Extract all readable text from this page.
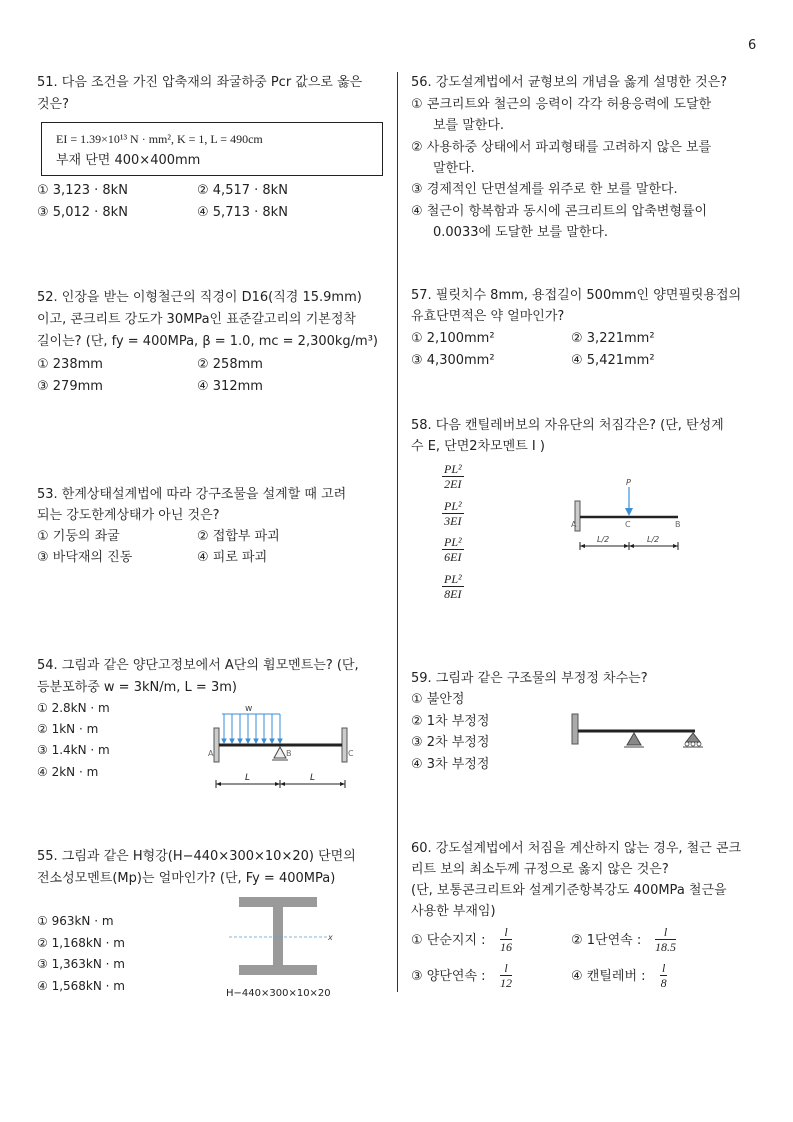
6
51. 다음 조건을 가진 압축재의 좌굴하중 Pcr 값으로 옳은
것은?
EI = 1.39×10¹³ N · mm², K = 1, L = 490cm
부재 단면 400×400mm
① 3,123 · 8kN	② 4,517 · 8kN
③ 5,012 · 8kN	④ 5,713 · 8kN
52. 인장을 받는 이형철근의 직경이 D16(직경 15.9mm)
이고, 콘크리트 강도가 30MPa인 표준갈고리의 기본정착
길이는? (단, fy = 400MPa, β = 1.0, mc = 2,300kg/m³)
① 238mm	② 258mm
③ 279mm	④ 312mm
53. 한계상태설계법에 따라 강구조물을 설계할 때 고려
되는 강도한계상태가 아닌 것은?
① 기둥의 좌굴	② 접합부 파괴
③ 바닥재의 진동	④ 피로 파괴
54. 그림과 같은 양단고정보에서 A단의 휨모멘트는? (단,
등분포하중 w = 3kN/m, L = 3m)
① 2.8kN · m
② 1kN · m
③ 1.4kN · m
④ 2kN · m
w
A	B	C
L	L
55. 그림과 같은 H형강(H−440×300×10×20) 단면의
전소성모멘트(Mp)는 얼마인가? (단, Fy = 400MPa)
① 963kN · m
② 1,168kN · m
③ 1,363kN · m
④ 1,568kN · m
x
H−440×300×10×20
56. 강도설계법에서 균형보의 개념을 옳게 설명한 것은?
① 콘크리트와 철근의 응력이 각각 허용응력에 도달한
보를 말한다.
② 사용하중 상태에서 파괴형태를 고려하지 않은 보를
말한다.
③ 경제적인 단면설계를 위주로 한 보를 말한다.
④ 철근이 항복함과 동시에 콘크리트의 압축변형률이
0.0033에 도달한 보를 말한다.
57. 필릿치수 8mm, 용접길이 500mm인 양면필릿용접의
유효단면적은 약 얼마인가?
① 2,100mm²	② 3,221mm²
③ 4,300mm²	④ 5,421mm²
58. 다음 캔틸레버보의 자유단의 처짐각은? (단, 탄성계
수 E, 단면2차모멘트 I )
$\frac{\text{PL²}}{2EI}$
$\frac{\text{PL²}}{3EI}$
$\frac{\text{PL²}}{6EI}$
$\frac{\text{PL²}}{8EI}$
P
A	C	B
L/2	L/2
59. 그림과 같은 구조물의 부정정 차수는?
① 불안정
② 1차 부정정
③ 2차 부정정
④ 3차 부정정
60. 강도설계법에서 처짐을 계산하지 않는 경우, 철근 콘크
리트 보의 최소두께 규정으로 옳지 않은 것은?
(단, 보통콘크리트와 설계기준항복강도 400MPa 철근을
사용한 부재임)
① 단순지지 : $\frac{l}{16}$	② 1단연속 : $\frac{l}{18.5}$
③ 양단연속 : $\frac{l}{12}$	④ 캔틸레버 : $\frac{l}{8}$
